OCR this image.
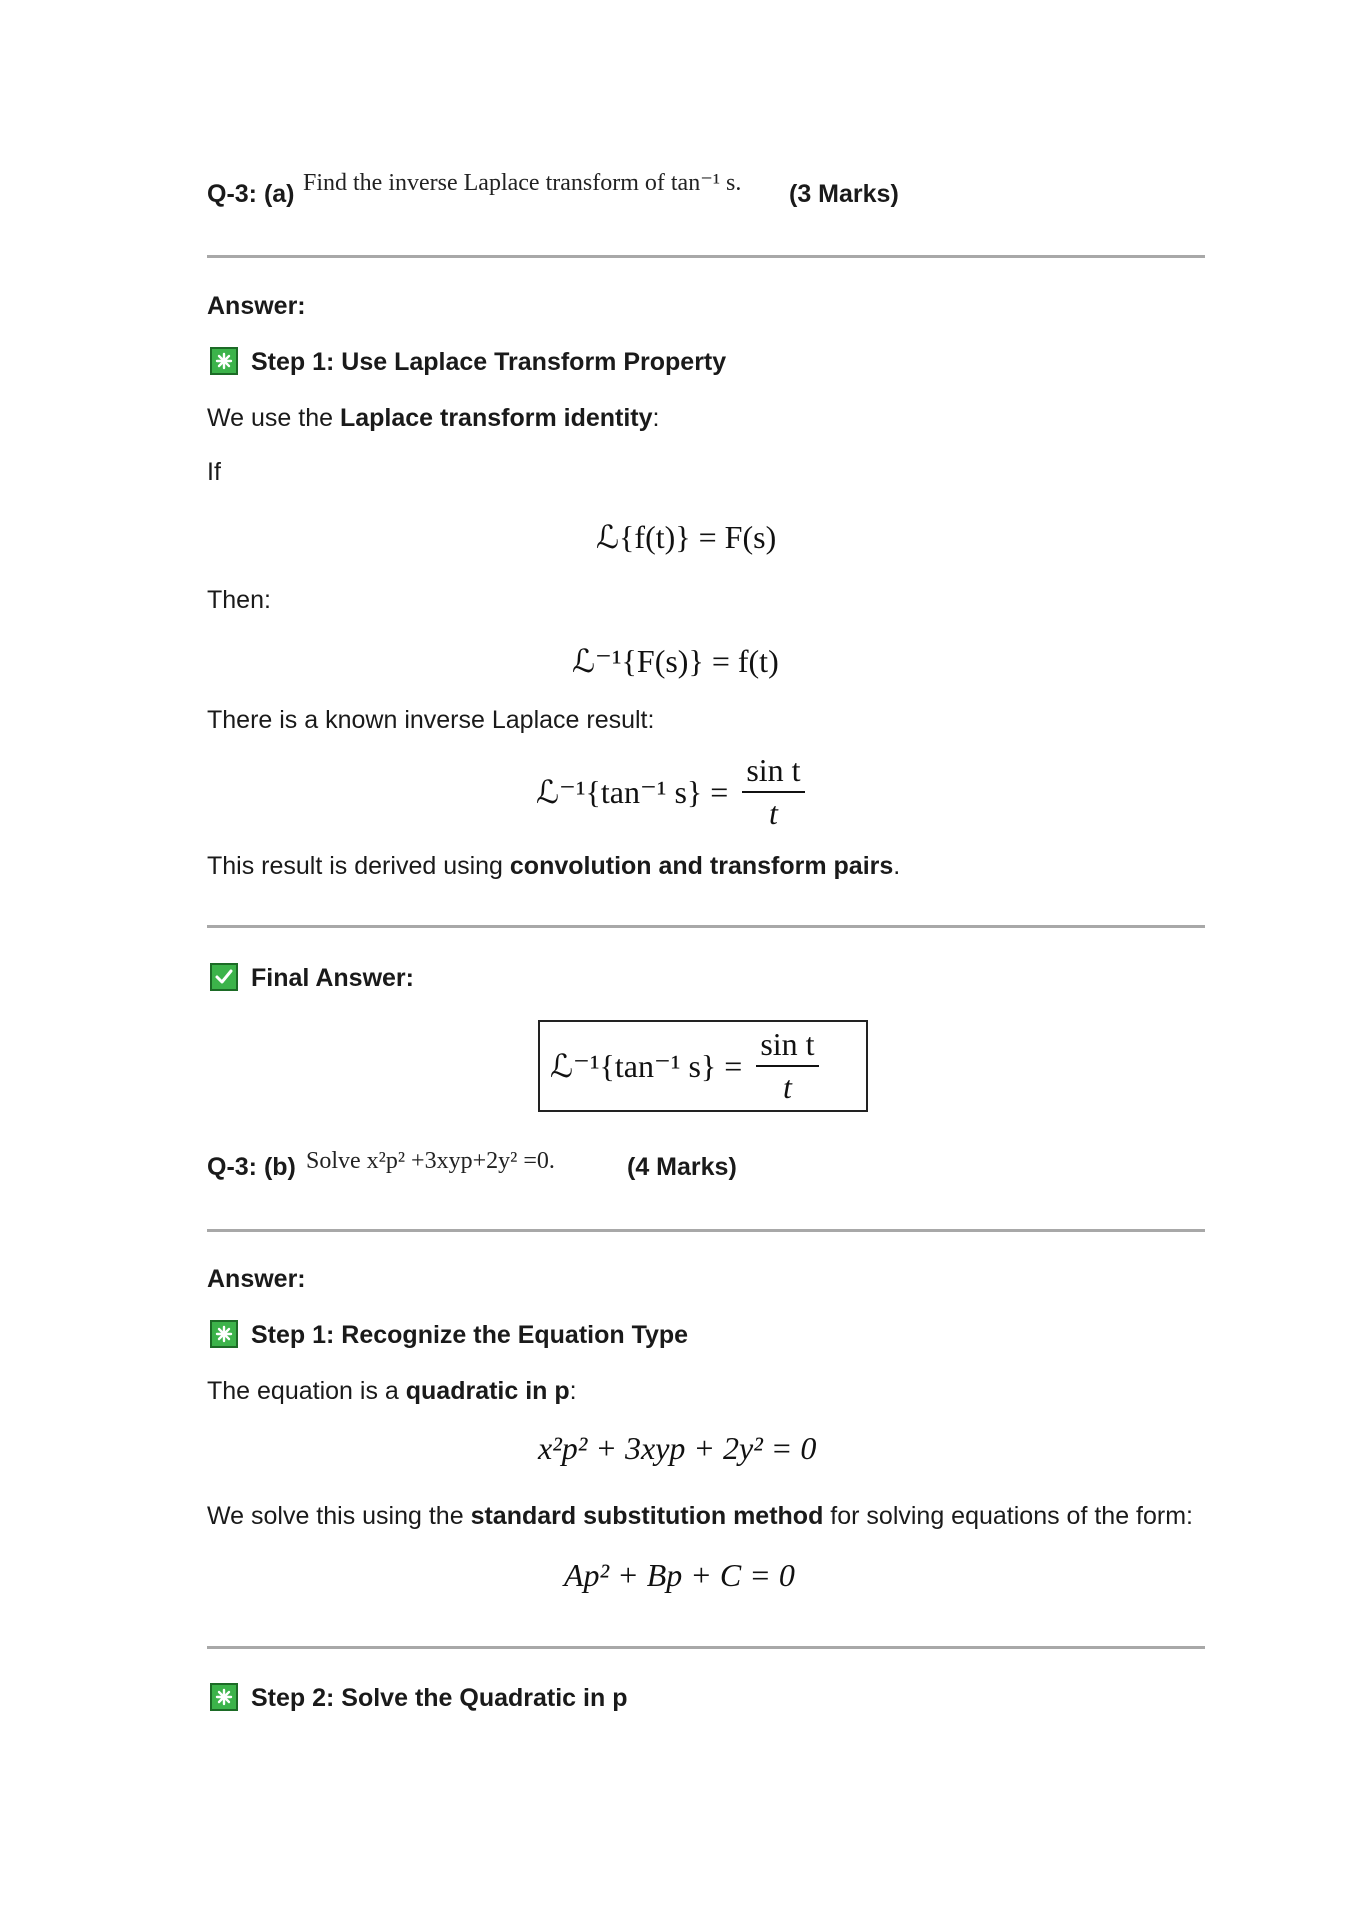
Q-3: (a) Find the inverse Laplace transform of tan⁻¹ s. (3 Marks)
Answer:
Step 1: Use Laplace Transform Property
We use the Laplace transform identity:
If
ℒ{f(t)} = F(s)
Then:
ℒ⁻¹{F(s)} = f(t)
There is a known inverse Laplace result:
ℒ⁻¹{tan⁻¹ $s\} = \frac{\text{sin t}}{t}$
This result is derived using convolution and transform pairs.
Final Answer:
ℒ⁻¹{tan⁻¹ $s\} = \frac{\text{sin t}}{t}$
Q-3: (b) Solve x²p² +3xyp+2y² =0.	(4 Marks)
Answer:
Step 1: Recognize the Equation Type
The equation is a quadratic in p:
x²p² + 3xyp + 2y² = 0
We solve this using the standard substitution method for solving equations of the form:
Ap² + Bp + C = 0
Step 2: Solve the Quadratic in p
